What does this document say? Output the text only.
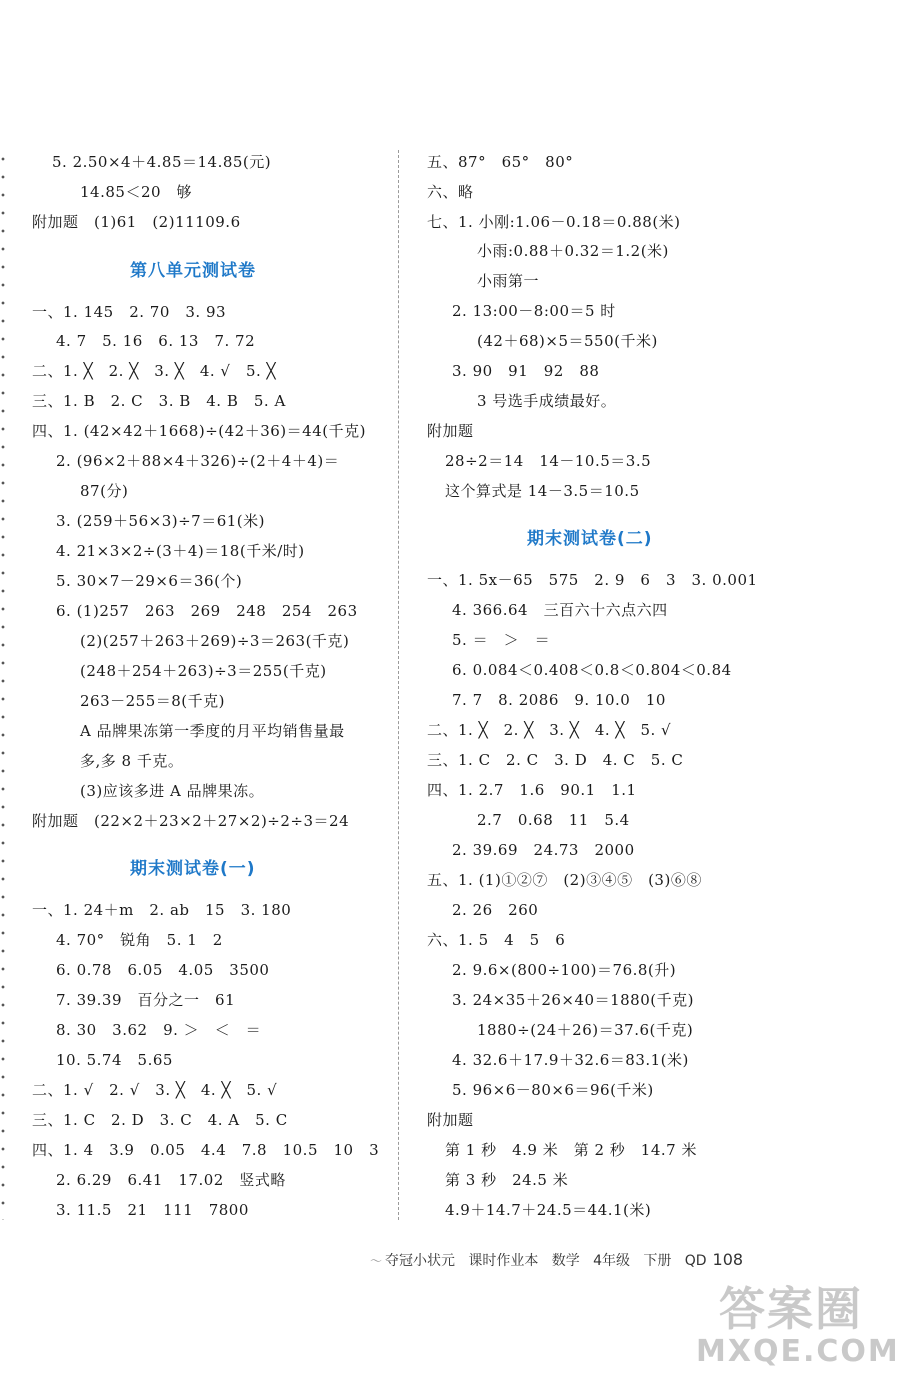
5. 2.50×4＋4.85＝14.85(元)
14.85＜20　够
附加题　(1)61　(2)11109.6
一、1. 145　2. 70　3. 93
4. 7　5. 16　6. 13　7. 72
二、1. ╳　2. ╳　3. ╳　4. √　5. ╳
三、1. B　2. C　3. B　4. B　5. A
四、1. (42×42＋1668)÷(42＋36)＝44(千克)
2. (96×2＋88×4＋326)÷(2＋4＋4)＝
87(分)
3. (259＋56×3)÷7＝61(米)
4. 21×3×2÷(3＋4)＝18(千米/时)
5. 30×7－29×6＝36(个)
6. (1)257　263　269　248　254　263
(2)(257＋263＋269)÷3＝263(千克)
(248＋254＋263)÷3＝255(千克)
263－255＝8(千克)
A 品牌果冻第一季度的月平均销售量最
多,多 8 千克。
(3)应该多进 A 品牌果冻。
附加题　(22×2＋23×2＋27×2)÷2÷3＝24
一、1. 24＋m　2. ab　15　3. 180
4. 70°　锐角　5. 1　2
6. 0.78　6.05　4.05　3500
7. 39.39　百分之一　61
8. 30　3.62　9. ＞　＜　＝
10. 5.74　5.65
二、1. √　2. √　3. ╳　4. ╳　5. √
三、1. C　2. D　3. C　4. A　5. C
四、1. 4　3.9　0.05　4.4　7.8　10.5　10　3
2. 6.29　6.41　17.02　竖式略
3. 11.5　21　111　7800
第八单元测试卷
期末测试卷(一)
五、87°　65°　80°
六、略
七、1. 小刚:1.06－0.18＝0.88(米)
小雨:0.88＋0.32＝1.2(米)
小雨第一
2. 13:00－8:00＝5 时
(42＋68)×5＝550(千米)
3. 90　91　92　88
3 号选手成绩最好。
附加题
28÷2＝14　14－10.5＝3.5
这个算式是 14－3.5＝10.5
一、1. 5x－65　575　2. 9　6　3　3. 0.001
4. 366.64　三百六十六点六四
5. ＝　＞　＝
6. 0.084＜0.408＜0.8＜0.804＜0.84
7. 7　8. 2086　9. 10.0　10
二、1. ╳　2. ╳　3. ╳　4. ╳　5. √
三、1. C　2. C　3. D　4. C　5. C
四、1. 2.7　1.6　90.1　1.1
2.7　0.68　11　5.4
2. 39.69　24.73　2000
五、1. (1)①②⑦　(2)③④⑤　(3)⑥⑧
2. 26　260
六、1. 5　4　5　6
2. 9.6×(800÷100)＝76.8(升)
3. 24×35＋26×40＝1880(千克)
1880÷(24＋26)＝37.6(千克)
4. 32.6＋17.9＋32.6＝83.1(米)
5. 96×6－80×6＝96(千米)
附加题
第 1 秒　4.9 米　第 2 秒　14.7 米
第 3 秒　24.5 米
4.9＋14.7＋24.5＝44.1(米)
期末测试卷(二)
〜 夺冠小状元 课时作业本 数学 4年级 下册 QD 108
答案圈
MXQE.COM
